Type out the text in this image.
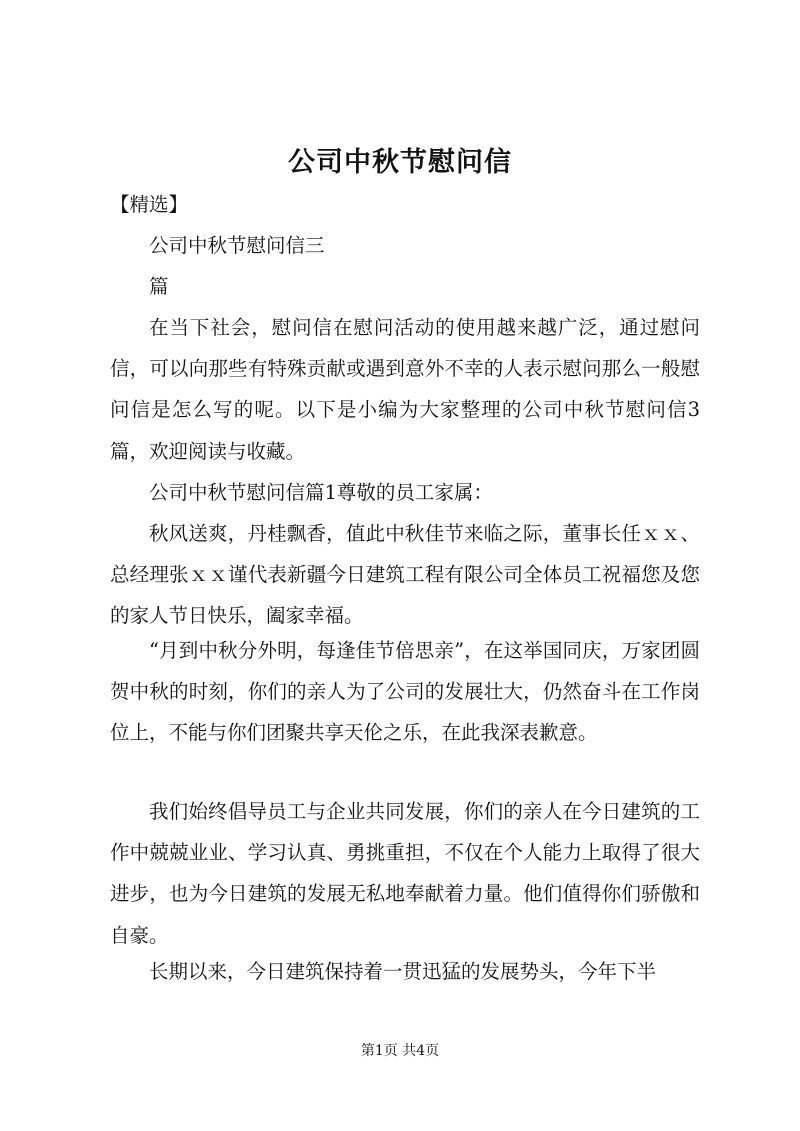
公司中秋节慰问信

【精选】

公司中秋节慰问信三

篇

在当下社会，慰问信在慰问活动的使用越来越广泛，通过慰问信，可以向那些有特殊贡献或遇到意外不幸的人表示慰问那么一般慰问信是怎么写的呢。以下是小编为大家整理的公司中秋节慰问信3篇，欢迎阅读与收藏。

公司中秋节慰问信篇1尊敬的员工家属：

秋风送爽，丹桂飘香，值此中秋佳节来临之际，董事长任ｘｘ、总经理张ｘｘ谨代表新疆今日建筑工程有限公司全体员工祝福您及您的家人节日快乐，阖家幸福。

“月到中秋分外明，每逢佳节倍思亲”，在这举国同庆，万家团圆贺中秋的时刻，你们的亲人为了公司的发展壮大，仍然奋斗在工作岗位上，不能与你们团聚共享天伦之乐，在此我深表歉意。

我们始终倡导员工与企业共同发展，你们的亲人在今日建筑的工作中兢兢业业、学习认真、勇挑重担，不仅在个人能力上取得了很大进步，也为今日建筑的发展无私地奉献着力量。他们值得你们骄傲和自豪。

长期以来，今日建筑保持着一贯迅猛的发展势头，今年下半

第1页 共4页
